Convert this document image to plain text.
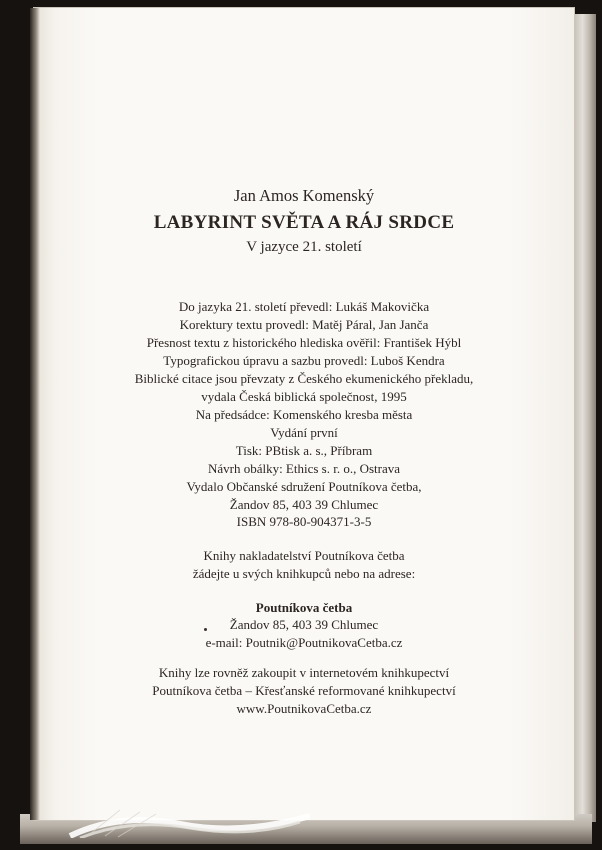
Jan Amos Komenský
LABYRINT SVĚTA A RÁJ SRDCE
V jazyce 21. století
Do jazyka 21. století převedl: Lukáš Makovička
Korektury textu provedl: Matěj Páral, Jan Janča
Přesnost textu z historického hlediska ověřil: František Hýbl
Typografickou úpravu a sazbu provedl: Luboš Kendra
Biblické citace jsou převzaty z Českého ekumenického překladu,
vydala Česká biblická společnost, 1995
Na předsádce: Komenského kresba města
Vydání první
Tisk: PBtisk a. s., Příbram
Návrh obálky: Ethics s. r. o., Ostrava
Vydalo Občanské sdružení Poutníkova četba,
Žandov 85, 403 39 Chlumec
ISBN 978-80-904371-3-5
Knihy nakladatelství Poutníkova četba
žádejte u svých knihkupců nebo na adrese:
Poutníkova četba
Žandov 85, 403 39 Chlumec
e-mail: Poutnik@PoutnikovaCetba.cz
Knihy lze rovněž zakoupit v internetovém knihkupectví
Poutníkova četba – Křesťanské reformované knihkupectví
www.PoutnikovaCetba.cz
